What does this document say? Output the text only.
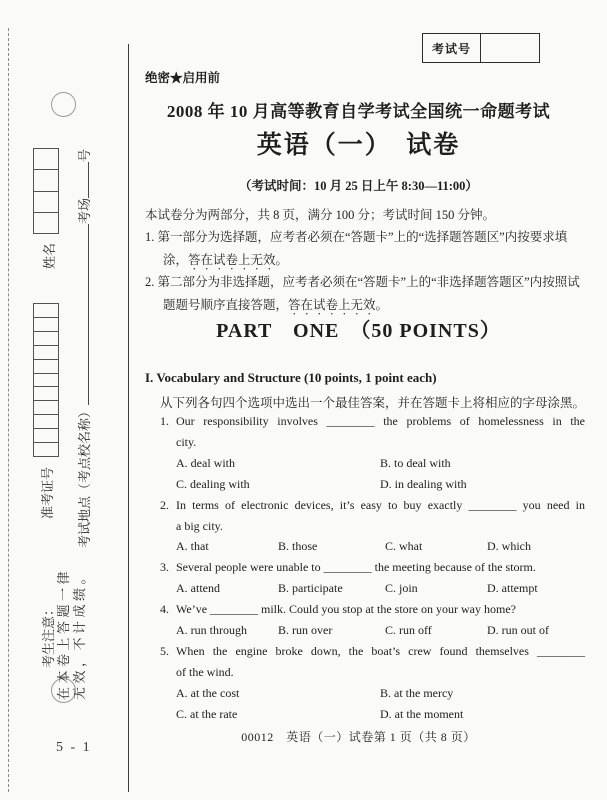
姓名
考场号
准考证号 考试地点（考点校名称）
考生注意： 在本卷上答题一律 无效，不计成绩。
5 - 1
考试号
绝密★启用前
2008 年 10 月高等教育自学考试全国统一命题考试
英语（一）　试卷
（考试时间：10 月 25 日上午 8:30—11:00）
本试卷分为两部分，共 8 页，满分 100 分；考试时间 150 分钟。
1. 第一部分为选择题，应考者必须在“答题卡”上的“选择题答题区”内按要求填
涂，答在试卷上无效。
2. 第二部分为非选择题，应考者必须在“答题卡”上的“非选择题答题区”内按照试
题题号顺序直接答题，答在试卷上无效。
PART　ONE　（50 POINTS）
I. Vocabulary and Structure (10 points, 1 point each)
从下列各句四个选项中选出一个最佳答案，并在答题卡上将相应的字母涂黑。
1. Our responsibility involves ________ the problems of homelessness in the
city.
A. deal with	B. to deal with
C. dealing with	D. in dealing with
2. In terms of electronic devices, it’s easy to buy exactly ________ you need in
a big city.
A. that	B. those	C. what	D. which
3. Several people were unable to ________ the meeting because of the storm.
A. attend	B. participate	C. join	D. attempt
4. We’ve ________ milk. Could you stop at the store on your way home?
A. run through	B. run over	C. run off	D. run out of
5. When the engine broke down, the boat’s crew found themselves ________
of the wind.
A. at the cost	B. at the mercy
C. at the rate	D. at the moment
00012　英语（一）试卷第 1 页（共 8 页）
